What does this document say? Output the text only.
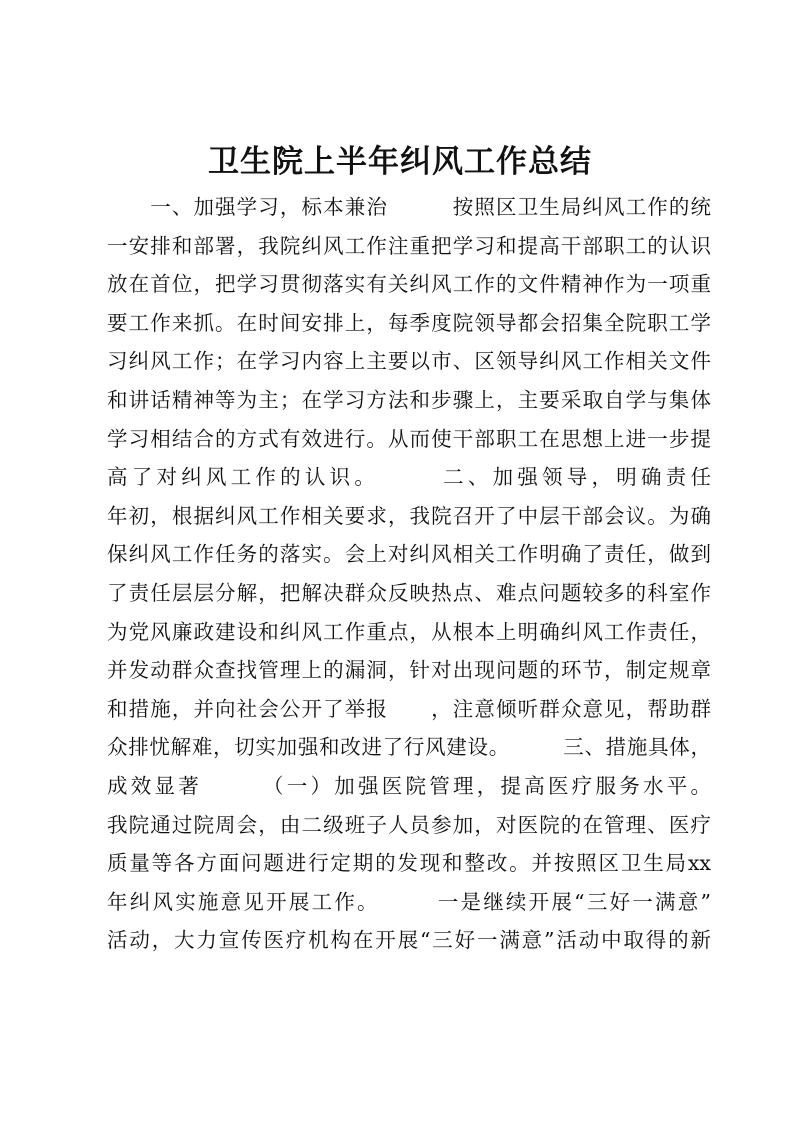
卫生院上半年纠风工作总结
　　一、加强学习，标本兼治　　　按照区卫生局纠风工作的统
一安排和部署，我院纠风工作注重把学习和提高干部职工的认识
放在首位，把学习贯彻落实有关纠风工作的文件精神作为一项重
要工作来抓。在时间安排上，每季度院领导都会招集全院职工学
习纠风工作；在学习内容上主要以市、区领导纠风工作相关文件
和讲话精神等为主；在学习方法和步骤上，主要采取自学与集体
学习相结合的方式有效进行。从而使干部职工在思想上进一步提
高了对纠风工作的认识。　　　二、加强领导，明确责任
年初，根据纠风工作相关要求，我院召开了中层干部会议。为确
保纠风工作任务的落实。会上对纠风相关工作明确了责任，做到
了责任层层分解，把解决群众反映热点、难点问题较多的科室作
为党风廉政建设和纠风工作重点，从根本上明确纠风工作责任，
并发动群众查找管理上的漏洞，针对出现问题的环节，制定规章
和措施，并向社会公开了举报　　，注意倾听群众意见，帮助群
众排忧解难，切实加强和改进了行风建设。　　　三、措施具体，
成效显著　　　（一）加强医院管理，提高医疗服务水平。
我院通过院周会，由二级班子人员参加，对医院的在管理、医疗
质量等各方面问题进行定期的发现和整改。并按照区卫生局xx
年纠风实施意见开展工作。　　　一是继续开展“三好一满意”
活动，大力宣传医疗机构在开展“三好一满意”活动中取得的新
